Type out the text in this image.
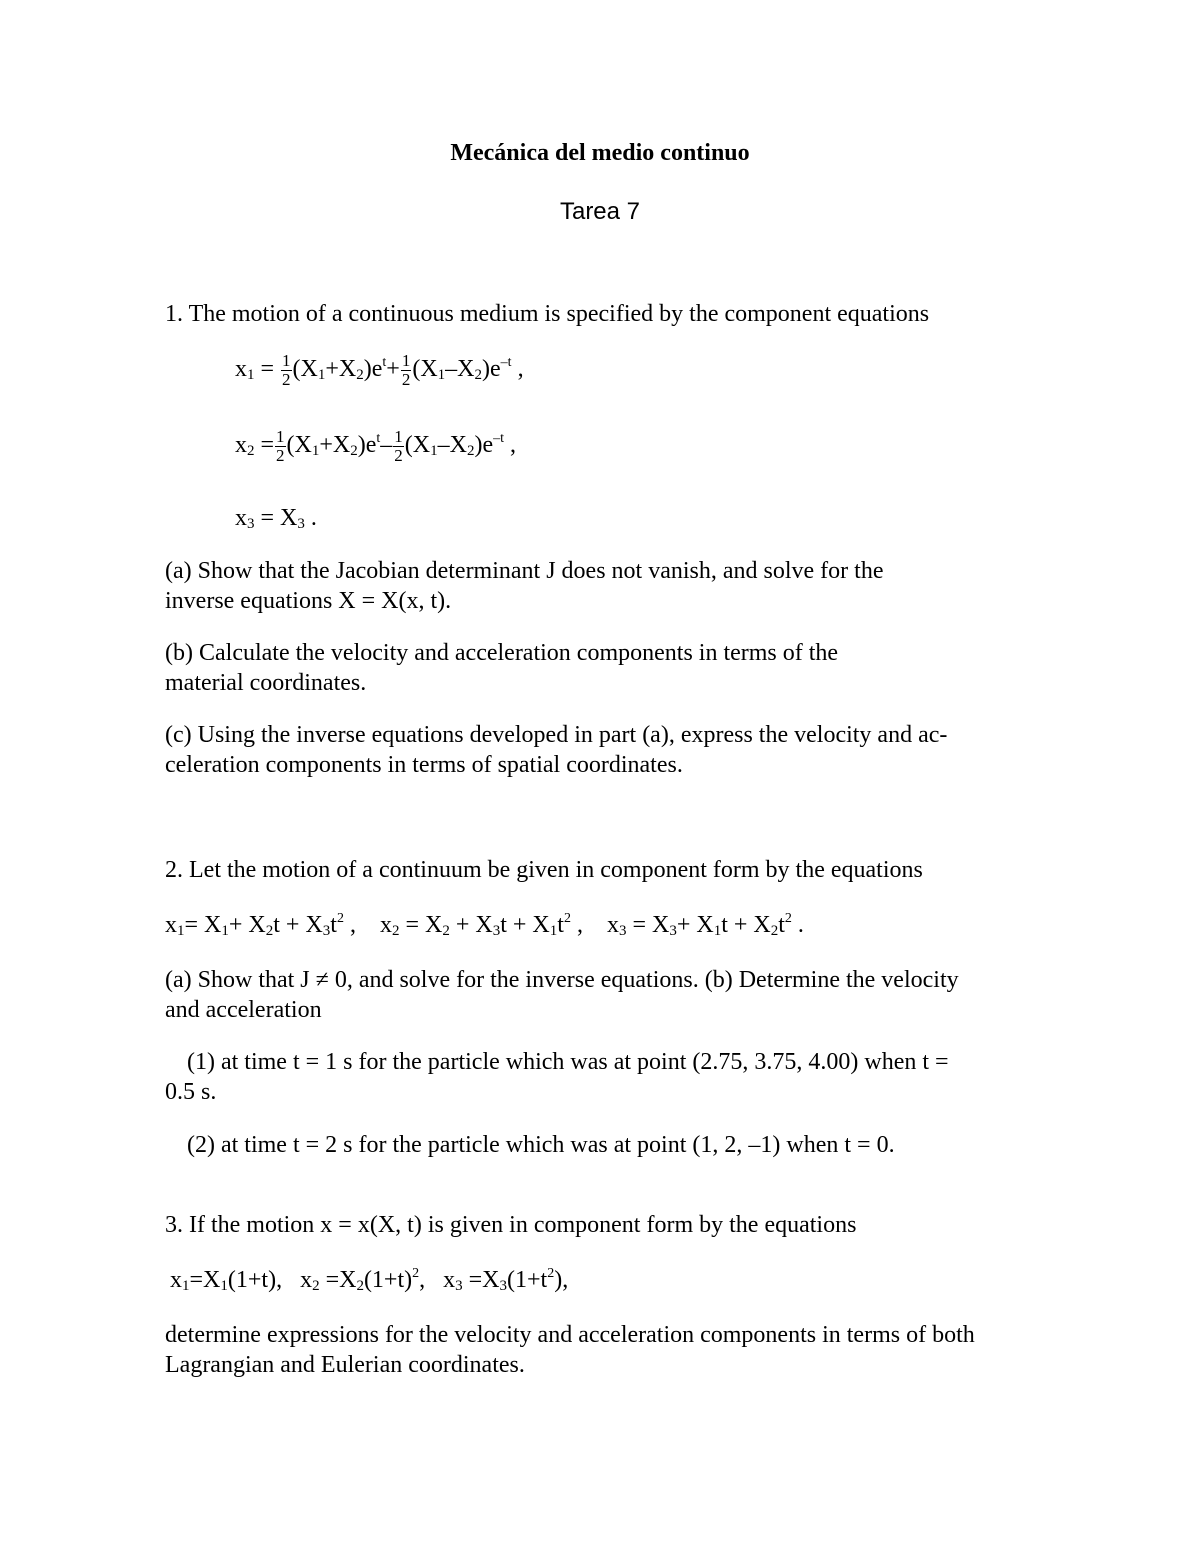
Mecánica del medio continuo
Tarea 7
1. The motion of a continuous medium is specified by the component equations
$x_1 = \frac{1}{2} (X_1+X_2)e^t+ \frac{1}{2} (X_1-X_2)e^{-t}$ ,
$x_2 = \frac{1}{2} (X_1+X_2)e^t- \frac{1}{2} (X_1-X_2)e^{-t}$ ,
$x_3 = X_3$ .
(a) Show that the Jacobian determinant J does not vanish, and solve for the
inverse equations X = X(x, t).
(b) Calculate the velocity and acceleration components in terms of the
material coordinates.
(c) Using the inverse equations developed in part (a), express the velocity and ac-
celeration components in terms of spatial coordinates.
2. Let the motion of a continuum be given in component form by the equations
$x_1= X_1+ X_2t + X_3t^2$ , $x_2 = X_2 + X_3t + X_1t^2$ , $x_3 = X_3+ X_1t + X_2t^2$ .
(a) Show that J ≠ 0, and solve for the inverse equations. (b) Determine the velocity
and acceleration
(1) at time t = 1 s for the particle which was at point (2.75, 3.75, 4.00) when t =
0.5 s.
(2) at time t = 2 s for the particle which was at point (1, 2, –1) when t = 0.
3. If the motion x = x(X, t) is given in component form by the equations
$x_1=X_1(1+t)$, $x_2 =X_2(1+t)^2$, $x_3 =X_3(1+t^2)$,
determine expressions for the velocity and acceleration components in terms of both
Lagrangian and Eulerian coordinates.
